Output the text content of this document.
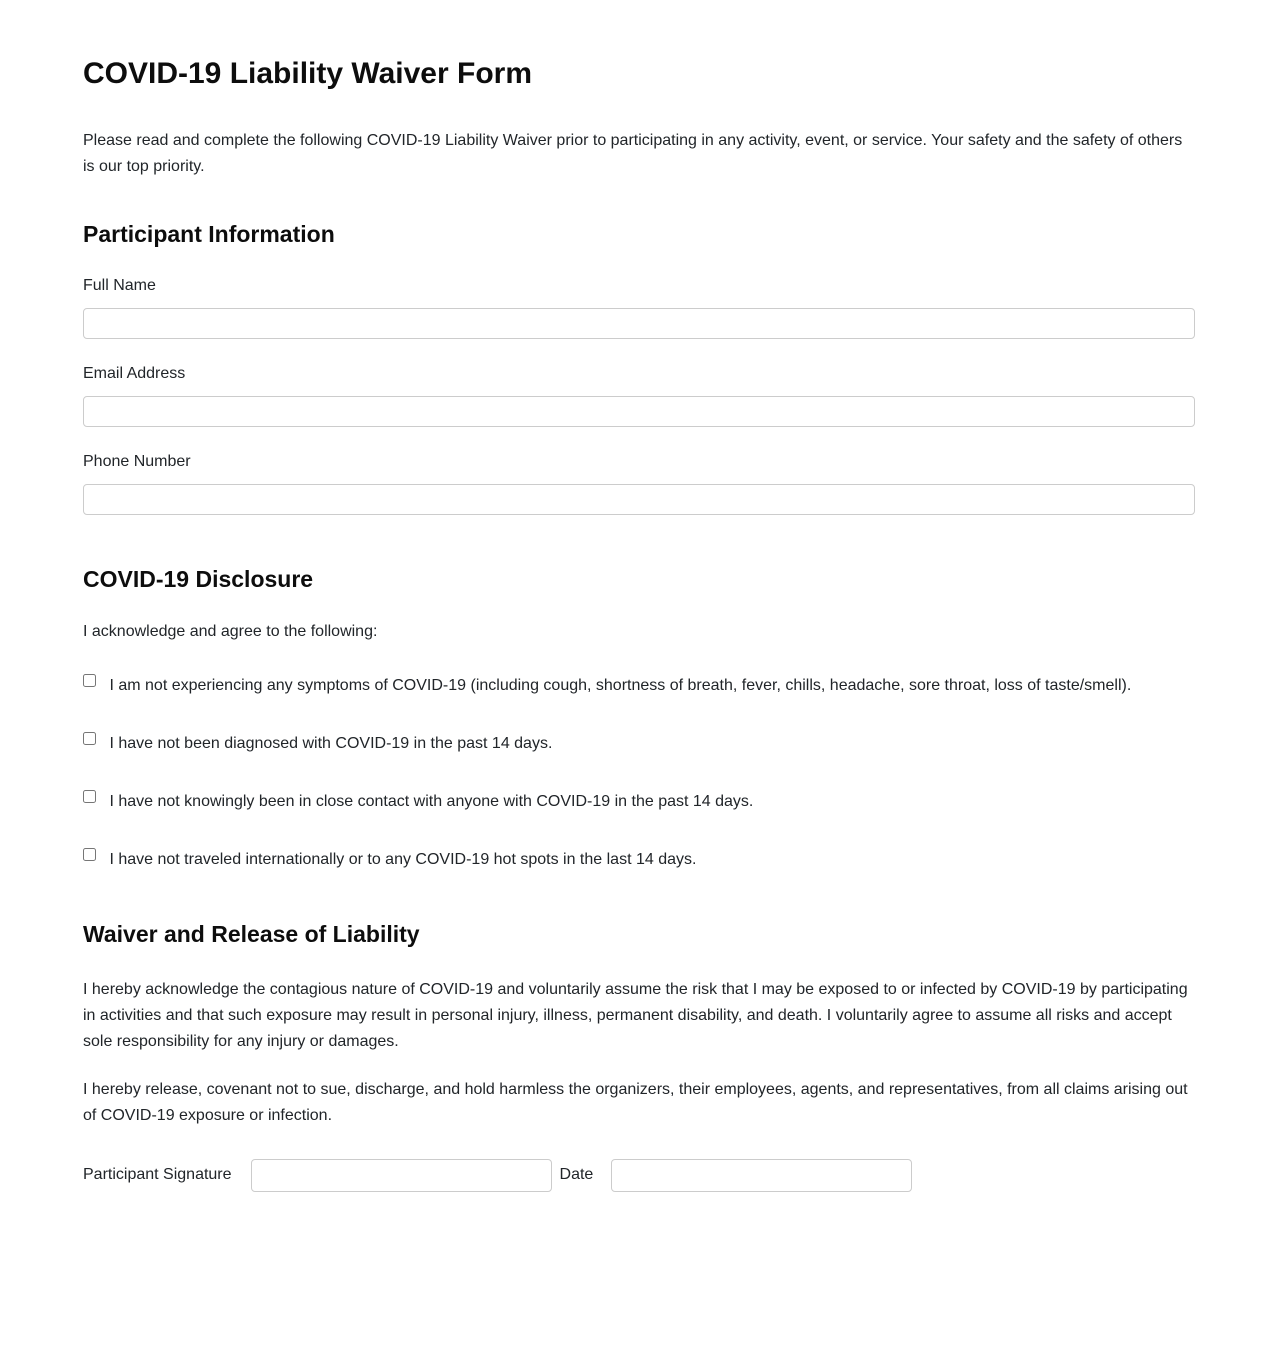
COVID-19 Liability Waiver Form

Please read and complete the following COVID-19 Liability Waiver prior to participating in any activity, event, or service. Your safety and the safety of others is our top priority.

Participant Information
Full Name
Email Address
Phone Number
COVID-19 Disclosure

I acknowledge and agree to the following:

I am not experiencing any symptoms of COVID-19 (including cough, shortness of breath, fever, chills, headache, sore throat, loss of taste/smell).
I have not been diagnosed with COVID-19 in the past 14 days.
I have not knowingly been in close contact with anyone with COVID-19 in the past 14 days.
I have not traveled internationally or to any COVID-19 hot spots in the last 14 days.
Waiver and Release of Liability

I hereby acknowledge the contagious nature of COVID-19 and voluntarily assume the risk that I may be exposed to or infected by COVID-19 by participating in activities and that such exposure may result in personal injury, illness, permanent disability, and death. I voluntarily agree to assume all risks and accept sole responsibility for any injury or damages.

I hereby release, covenant not to sue, discharge, and hold harmless the organizers, their employees, agents, and representatives, from all claims arising out of COVID-19 exposure or infection.

Participant Signature	Date
